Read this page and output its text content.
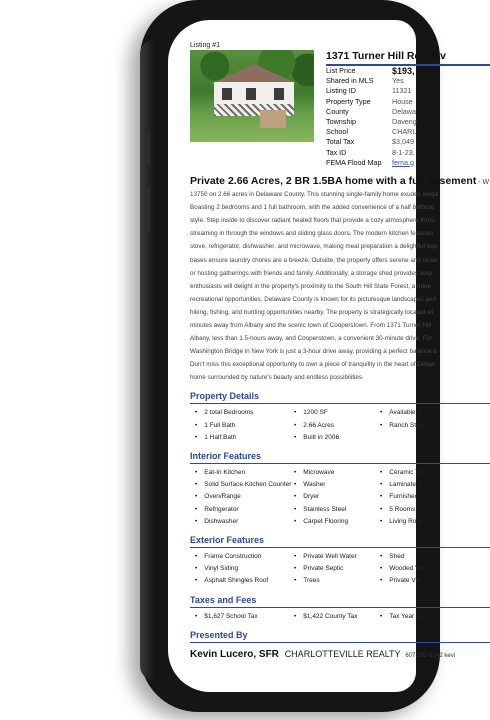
Listing #1
1371 Turner Hill Rd, Dav
List Price	$193,
Shared in MLS	Yes
Listing ID	11321
Property Type	House
County	Delawa
Township	Daveng
School	CHARL
Total Tax	$3,049
Tax ID	8-1-23.
FEMA Flood Map	fema.g
Private 2.66 Acres, 2 BR 1.5BA home with a full basement - W
13750 on 2.66 acres in Delaware County. This stunning single-family home exudes elega
Boasting 2 bedrooms and 1 full bathroom, with the added convenience of a half bathroo
style. Step inside to discover radiant heated floors that provide a cozy atmosphere throu
streaming in through the windows and sliding glass doors. The modern kitchen features
stove, refrigerator, dishwasher, and microwave, making meal preparation a delightful exp
bases ensure laundry chores are a breeze. Outside, the property offers serene and relaxi
or hosting gatherings with friends and family. Additionally, a storage shed provides amp
enthusiasts will delight in the property's proximity to the South Hill State Forest, a mere
recreational opportunities. Delaware County is known for its picturesque landscapes and
hiking, fishing, and hunting opportunities nearby. The property is strategically located wi
minutes away from Albany and the scenic town of Cooperstown. From 1371 Turner Hill
Albany, less than 1.5-hours away, and Cooperstown, a convenient 30-minute drive. For
Washington Bridge in New York is just a 3-hour drive away, providing a perfect balance b
Don't miss this exceptional opportunity to own a piece of tranquility in the heart of Delaw
home surrounded by nature's beauty and endless possibilities.
Property Details
• 2 total Bedrooms
• 1 Full Bath
• 1 Half Bath
• 1200 SF
• 2.66 Acres
• Built in 2006
• Available 7
• Ranch Style
Interior Features
• Eat-In Kitchen
• Solid Surface Kitchen Counter
• Oven/Range
• Refrigerator
• Dishwasher
• Microwave
• Washer
• Dryer
• Stainless Steel
• Carpet Flooring
• Ceramic Til
• Laminate F
• Furnished
• 5 Rooms
• Living Roor
Exterior Features
• Frame Construction
• Vinyl Siding
• Asphalt Shingles Roof
• Private Well Water
• Private Septic
• Trees
• Shed
• Wooded Vie
• Private Vie
Taxes and Fees
• $1,627 School Tax	• $1,422 County Tax	• Tax Year 20
Presented By
Kevin Lucero, SFR CHARLOTTEVILLE REALTY 607-282-6242 kevi
